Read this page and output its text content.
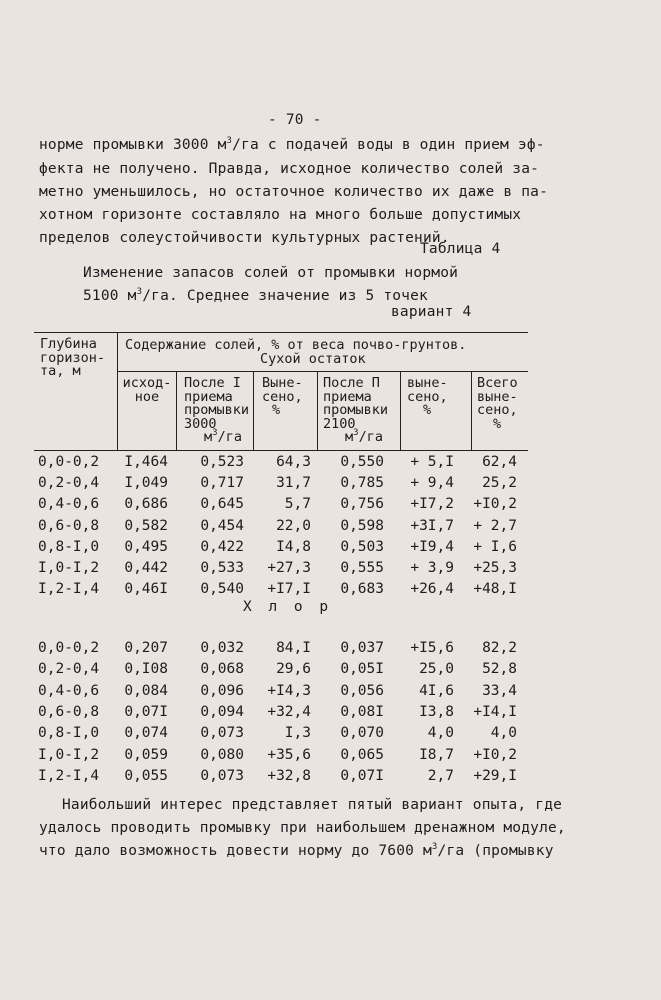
- 70 -
норме промывки 3000 $м^3/га$ с подачей воды в один прием эф-
фекта не получено. Правда, исходное количество солей за-
метно уменьшилось, но остаточное количество их даже в па-
хотном горизонте составляло на много больше допустимых
пределов солеустойчивости культурных растений.
Таблица 4
Изменение запасов солей от промывки нормой
5100 $м^3/га$. Среднее значение из 5 точек
вариант 4
Глубина
горизон-
та, м
Содержание солей, % от веса почво-грунтов.
Сухой остаток
исход-
ное
После I
приема
промывки
3000
$м^3/га$
Выне-
сено,
%
После П
приема
промывки
2100
$м^3/га$
выне-
сено,
%
Всего
выне-
сено,
%
0,0-0,2	I,464	0,523	64,3	0,550	+ 5,I	62,4
0,2-0,4	I,049	0,717	31,7	0,785	+ 9,4	25,2
0,4-0,6	0,686	0,645	5,7	0,756	+I7,2 +I0,2
0,6-0,8	0,582	0,454	22,0	0,598	+3I,7 + 2,7
0,8-I,0	0,495	0,422	I4,8	0,503	+I9,4 + I,6
I,0-I,2	0,442	0,533	+27,3	0,555	+ 3,9 +25,3
I,2-I,4	0,46I	0,540	+I7,I	0,683	+26,4 +48,I
Х л о р
0,0-0,2	0,207	0,032	84,I	0,037	+I5,6	82,2
0,2-0,4	0,I08	0,068	29,6	0,05I	25,0	52,8
0,4-0,6	0,084	0,096	+I4,3	0,056	4I,6	33,4
0,6-0,8	0,07I	0,094	+32,4	0,08I	I3,8 +I4,I
0,8-I,0	0,074	0,073	I,3	0,070	4,0	4,0
I,0-I,2	0,059	0,080	+35,6	0,065	I8,7 +I0,2
I,2-I,4	0,055	0,073	+32,8	0,07I	2,7 +29,I
Наибольший интерес представляет пятый вариант опыта, где
удалось проводить промывку при наибольшем дренажном модуле,
что дало возможность довести норму до 7600 $м^3/га$ (промывку
